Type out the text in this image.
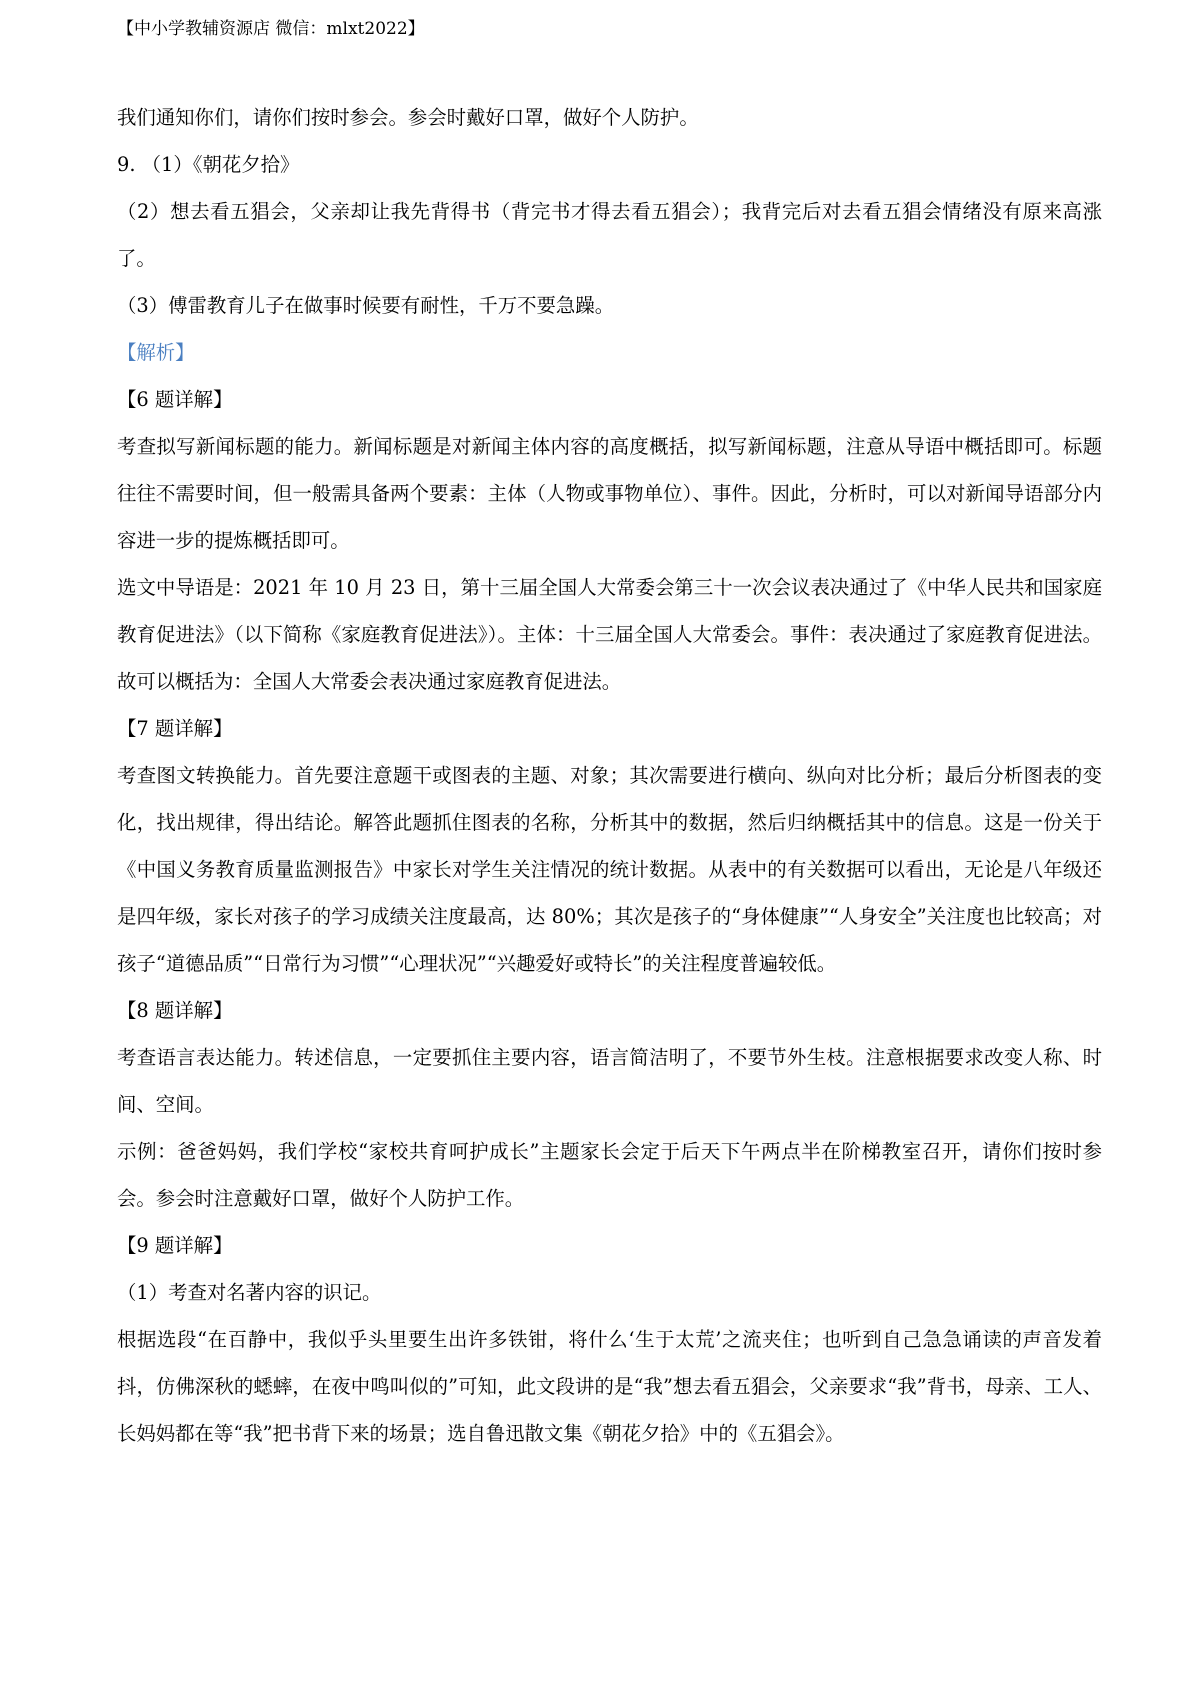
【中小学教辅资源店 微信：mlxt2022】

我们通知你们，请你们按时参会。参会时戴好口罩，做好个人防护。

9. （1）《朝花夕拾》

（2）想去看五猖会，父亲却让我先背得书（背完书才得去看五猖会）；我背完后对去看五猖会情绪没有原来高涨了。

（3）傅雷教育儿子在做事时候要有耐性，千万不要急躁。

【解析】

【6 题详解】

考查拟写新闻标题的能力。新闻标题是对新闻主体内容的高度概括，拟写新闻标题，注意从导语中概括即可。标题往往不需要时间，但一般需具备两个要素：主体（人物或事物单位）、事件。因此，分析时，可以对新闻导语部分内容进一步的提炼概括即可。

选文中导语是：2021 年 10 月 23 日，第十三届全国人大常委会第三十一次会议表决通过了《中华人民共和国家庭教育促进法》（以下简称《家庭教育促进法》）。主体：十三届全国人大常委会。事件：表决通过了家庭教育促进法。故可以概括为：全国人大常委会表决通过家庭教育促进法。

【7 题详解】

考查图文转换能力。首先要注意题干或图表的主题、对象；其次需要进行横向、纵向对比分析；最后分析图表的变化，找出规律，得出结论。解答此题抓住图表的名称，分析其中的数据，然后归纳概括其中的信息。这是一份关于《中国义务教育质量监测报告》中家长对学生关注情况的统计数据。从表中的有关数据可以看出，无论是八年级还是四年级，家长对孩子的学习成绩关注度最高，达 80%；其次是孩子的“身体健康”“人身安全”关注度也比较高；对孩子“道德品质”“日常行为习惯”“心理状况”“兴趣爱好或特长”的关注程度普遍较低。

【8 题详解】

考查语言表达能力。转述信息，一定要抓住主要内容，语言简洁明了，不要节外生枝。注意根据要求改变人称、时间、空间。

示例：爸爸妈妈，我们学校“家校共育呵护成长”主题家长会定于后天下午两点半在阶梯教室召开，请你们按时参会。参会时注意戴好口罩，做好个人防护工作。

【9 题详解】

（1）考查对名著内容的识记。

根据选段“在百静中，我似乎头里要生出许多铁钳，将什么‘生于太荒’之流夹住；也听到自己急急诵读的声音发着抖，仿佛深秋的蟋蟀，在夜中鸣叫似的”可知，此文段讲的是“我”想去看五猖会，父亲要求“我”背书，母亲、工人、长妈妈都在等“我”把书背下来的场景；选自鲁迅散文集《朝花夕拾》中的《五猖会》。
